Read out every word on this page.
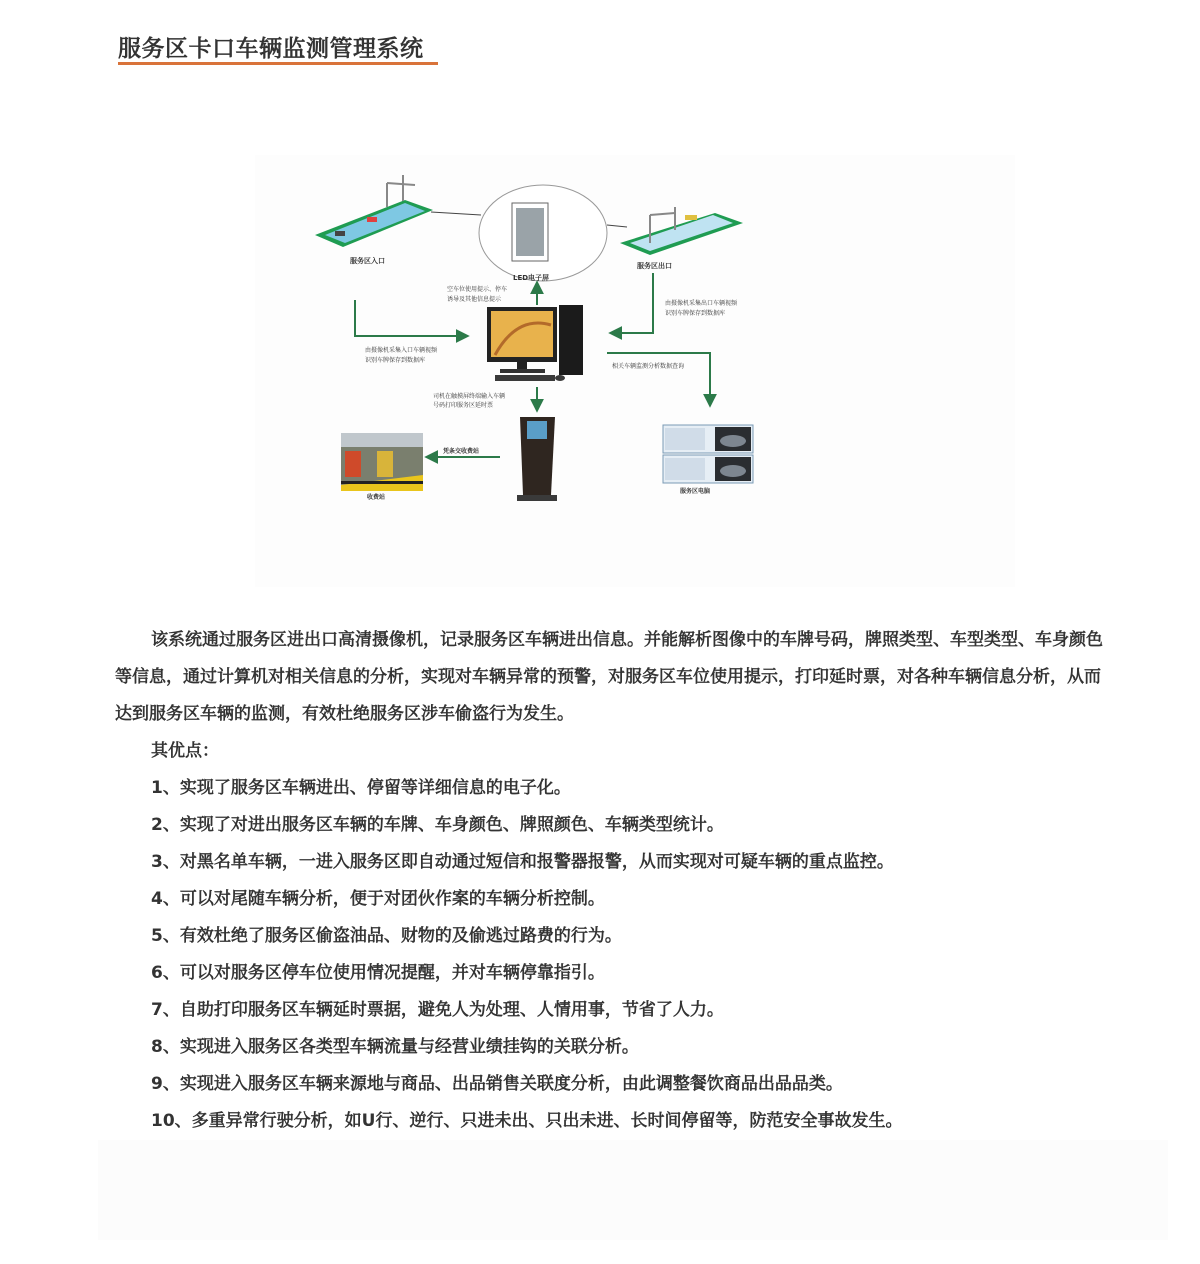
服务区卡口车辆监测管理系统
服务区入口
LED电子屏
服务区出口
空车位使用提示、停车
诱导及其他信息提示
由摄像机采集出口车辆视频
识别车牌保存到数据库
由摄像机采集入口车辆视频
识别车牌保存到数据库
相关车辆监测分析数据查询
司机在触摸屏终端输入车辆
号码打印服务区延时票
凭条交收费站
收费站
服务区电脑

该系统通过服务区进出口高清摄像机，记录服务区车辆进出信息。并能解析图像中的车牌号码，牌照类型、车型类型、车身颜色等信息，通过计算机对相关信息的分析，实现对车辆异常的预警，对服务区车位使用提示，打印延时票，对各种车辆信息分析，从而达到服务区车辆的监测，有效杜绝服务区涉车偷盗行为发生。

其优点：

1、实现了服务区车辆进出、停留等详细信息的电子化。

2、实现了对进出服务区车辆的车牌、车身颜色、牌照颜色、车辆类型统计。

3、对黑名单车辆，一进入服务区即自动通过短信和报警器报警，从而实现对可疑车辆的重点监控。

4、可以对尾随车辆分析，便于对团伙作案的车辆分析控制。

5、有效杜绝了服务区偷盗油品、财物的及偷逃过路费的行为。

6、可以对服务区停车位使用情况提醒，并对车辆停靠指引。

7、自助打印服务区车辆延时票据，避免人为处理、人情用事，节省了人力。

8、实现进入服务区各类型车辆流量与经营业绩挂钩的关联分析。

9、实现进入服务区车辆来源地与商品、出品销售关联度分析，由此调整餐饮商品出品品类。

10、多重异常行驶分析，如U行、逆行、只进未出、只出未进、长时间停留等，防范安全事故发生。
